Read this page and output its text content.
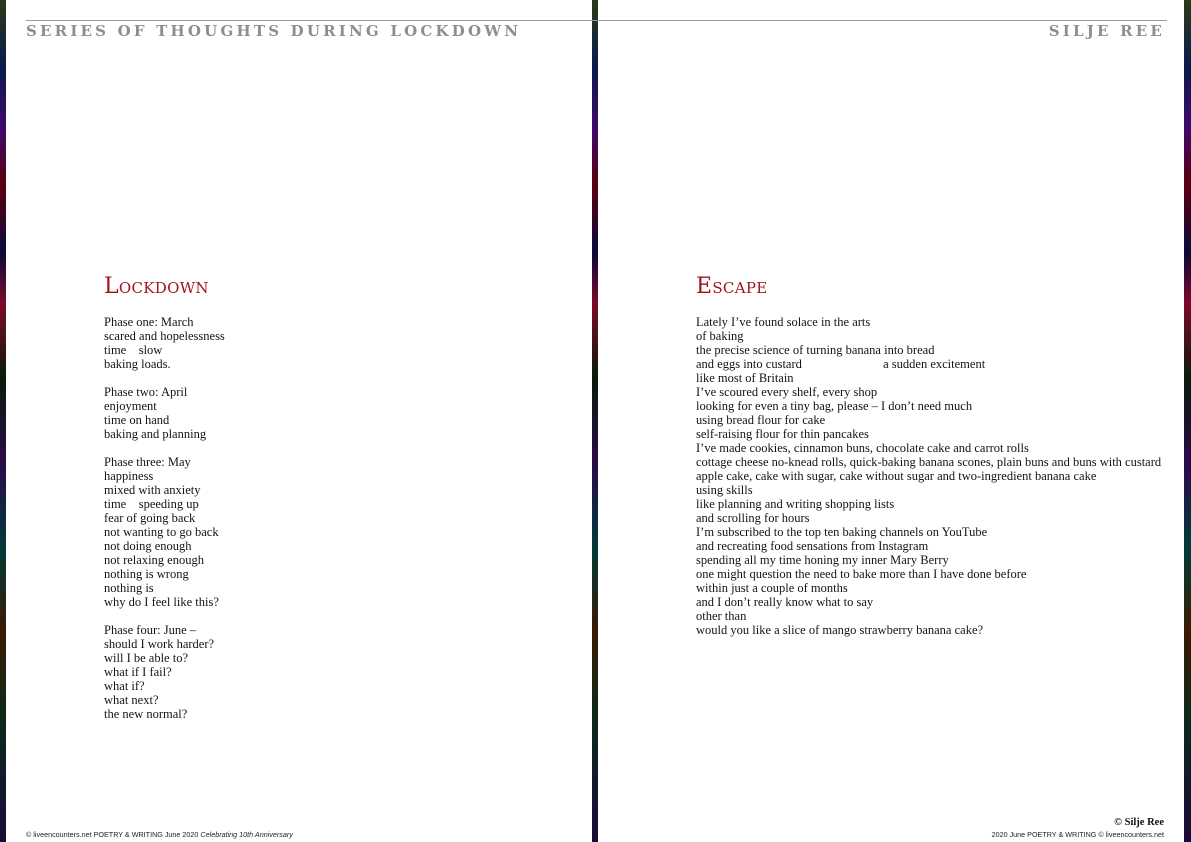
SERIES OF THOUGHTS DURING LOCKDOWN	SILJE REE
Lockdown
Phase one: March
scared and hopelessness
time    slow
baking loads.
Phase two: April
enjoyment
time on hand
baking and planning
Phase three: May
happiness
mixed with anxiety
time    speeding up
fear of going back
not wanting to go back
not doing enough
not relaxing enough
nothing is wrong
nothing is
why do I feel like this?
Phase four: June –
should I work harder?
will I be able to?
what if I fail?
what if?
what next?
the new normal?
Escape
Lately I’ve found solace in the arts
of baking
the precise science of turning banana into bread
and eggs into custard                          a sudden excitement
like most of Britain
I’ve scoured every shelf, every shop
looking for even a tiny bag, please – I don’t need much
using bread flour for cake
self-raising flour for thin pancakes
I’ve made cookies, cinnamon buns, chocolate cake and carrot rolls
cottage cheese no-knead rolls, quick-baking banana scones, plain buns and buns with custard
apple cake, cake with sugar, cake without sugar and two-ingredient banana cake
using skills
like planning and writing shopping lists
and scrolling for hours
I’m subscribed to the top ten baking channels on YouTube
and recreating food sensations from Instagram
spending all my time honing my inner Mary Berry
one might question the need to bake more than I have done before
within just a couple of months
and I don’t really know what to say
other than
would you like a slice of mango strawberry banana cake?
© Silje Ree
© liveencounters.net POETRY & WRITING June 2020 Celebrating 10th Anniversary	2020 June POETRY & WRITING © liveencounters.net
